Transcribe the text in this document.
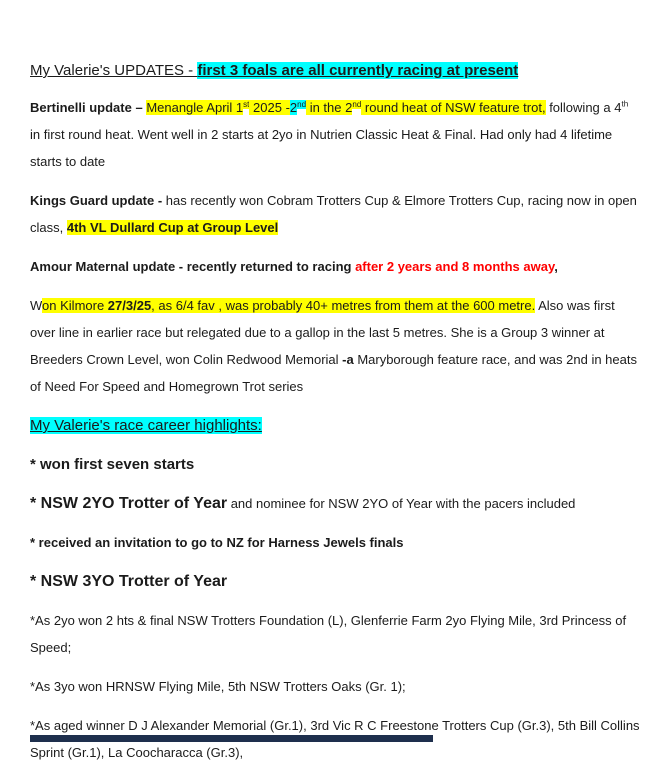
My Valerie's UPDATES - first 3 foals are all currently racing at present

Bertinelli update – Menangle April 1st 2025 -2nd in the 2nd round heat of NSW feature trot, following a 4th in first round heat. Went well in 2 starts at 2yo in Nutrien Classic Heat & Final. Had only had 4 lifetime starts to date

Kings Guard update - has recently won Cobram Trotters Cup & Elmore Trotters Cup, racing now in open class, 4th VL Dullard Cup at Group Level

Amour Maternal update - recently returned to racing after 2 years and 8 months away,

Won Kilmore 27/3/25, as 6/4 fav , was probably 40+ metres from them at the 600 metre. Also was first over line in earlier race but relegated due to a gallop in the last 5 metres. She is a Group 3 winner at Breeders Crown Level, won Colin Redwood Memorial -a Maryborough feature race, and was 2nd in heats of Need For Speed and Homegrown Trot series

My Valerie's race career highlights:

* won first seven starts

* NSW 2YO Trotter of Year and nominee for NSW 2YO of Year with the pacers included

* received an invitation to go to NZ for Harness Jewels finals

* NSW 3YO Trotter of Year

*As 2yo won 2 hts & final NSW Trotters Foundation (L), Glenferrie Farm 2yo Flying Mile, 3rd Princess of Speed;

*As 3yo won HRNSW Flying Mile, 5th NSW Trotters Oaks (Gr. 1);

*As aged winner D J Alexander Memorial (Gr.1), 3rd Vic R C Freestone Trotters Cup (Gr.3), 5th Bill Collins Sprint (Gr.1), La Coocharacca (Gr.3),
